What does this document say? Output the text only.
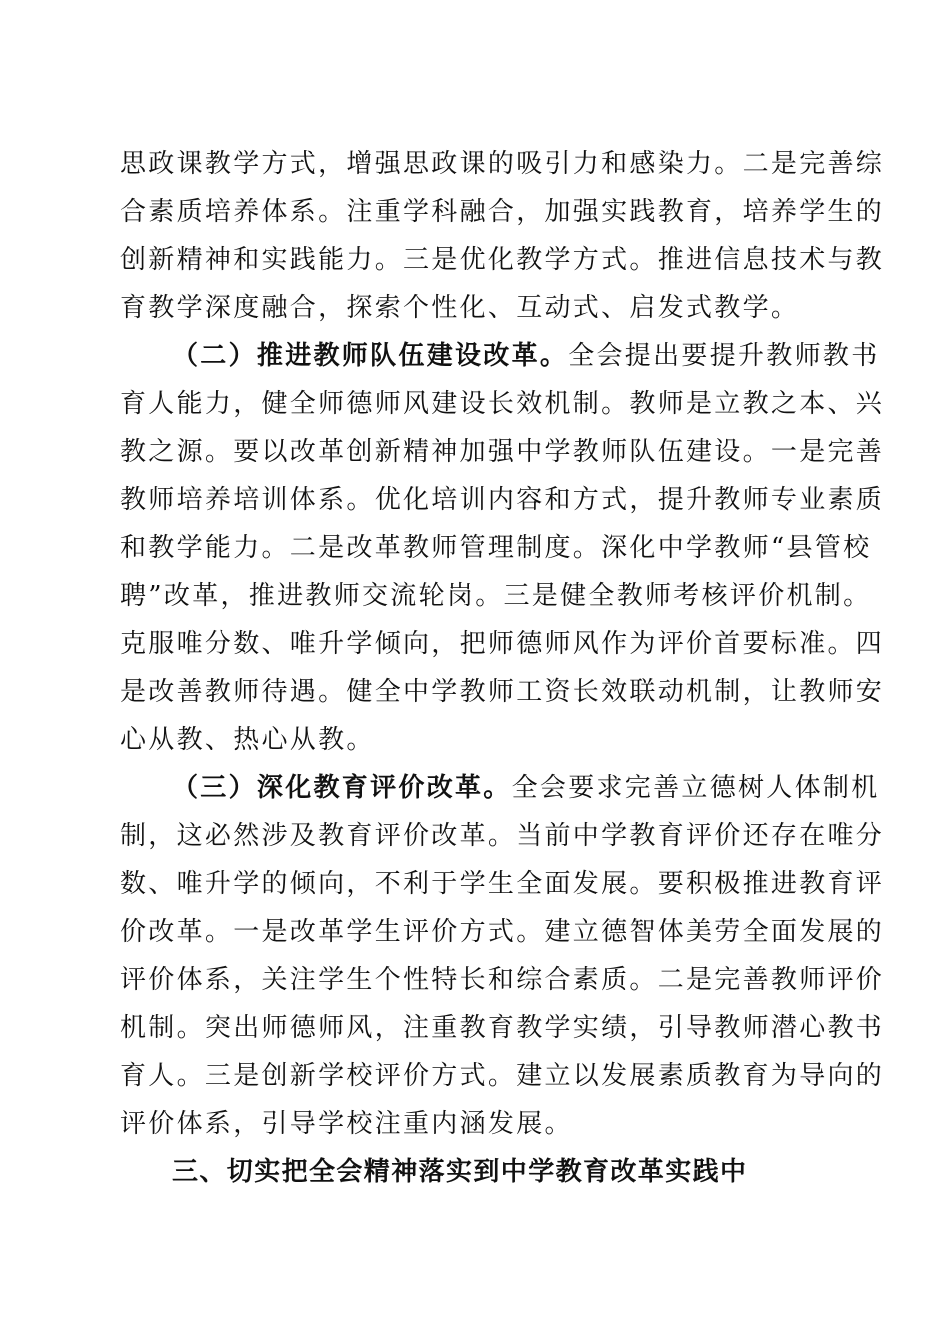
思政课教学方式，增强思政课的吸引力和感染力。二是完善综

合素质培养体系。注重学科融合，加强实践教育，培养学生的

创新精神和实践能力。三是优化教学方式。推进信息技术与教

育教学深度融合，探索个性化、互动式、启发式教学。

（二）推进教师队伍建设改革。全会提出要提升教师教书

育人能力，健全师德师风建设长效机制。教师是立教之本、兴

教之源。要以改革创新精神加强中学教师队伍建设。一是完善

教师培养培训体系。优化培训内容和方式，提升教师专业素质

和教学能力。二是改革教师管理制度。深化中学教师“县管校

聘”改革，推进教师交流轮岗。三是健全教师考核评价机制。

克服唯分数、唯升学倾向，把师德师风作为评价首要标准。四

是改善教师待遇。健全中学教师工资长效联动机制，让教师安

心从教、热心从教。

（三）深化教育评价改革。全会要求完善立德树人体制机

制，这必然涉及教育评价改革。当前中学教育评价还存在唯分

数、唯升学的倾向，不利于学生全面发展。要积极推进教育评

价改革。一是改革学生评价方式。建立德智体美劳全面发展的

评价体系，关注学生个性特长和综合素质。二是完善教师评价

机制。突出师德师风，注重教育教学实绩，引导教师潜心教书

育人。三是创新学校评价方式。建立以发展素质教育为导向的

评价体系，引导学校注重内涵发展。

三、切实把全会精神落实到中学教育改革实践中
